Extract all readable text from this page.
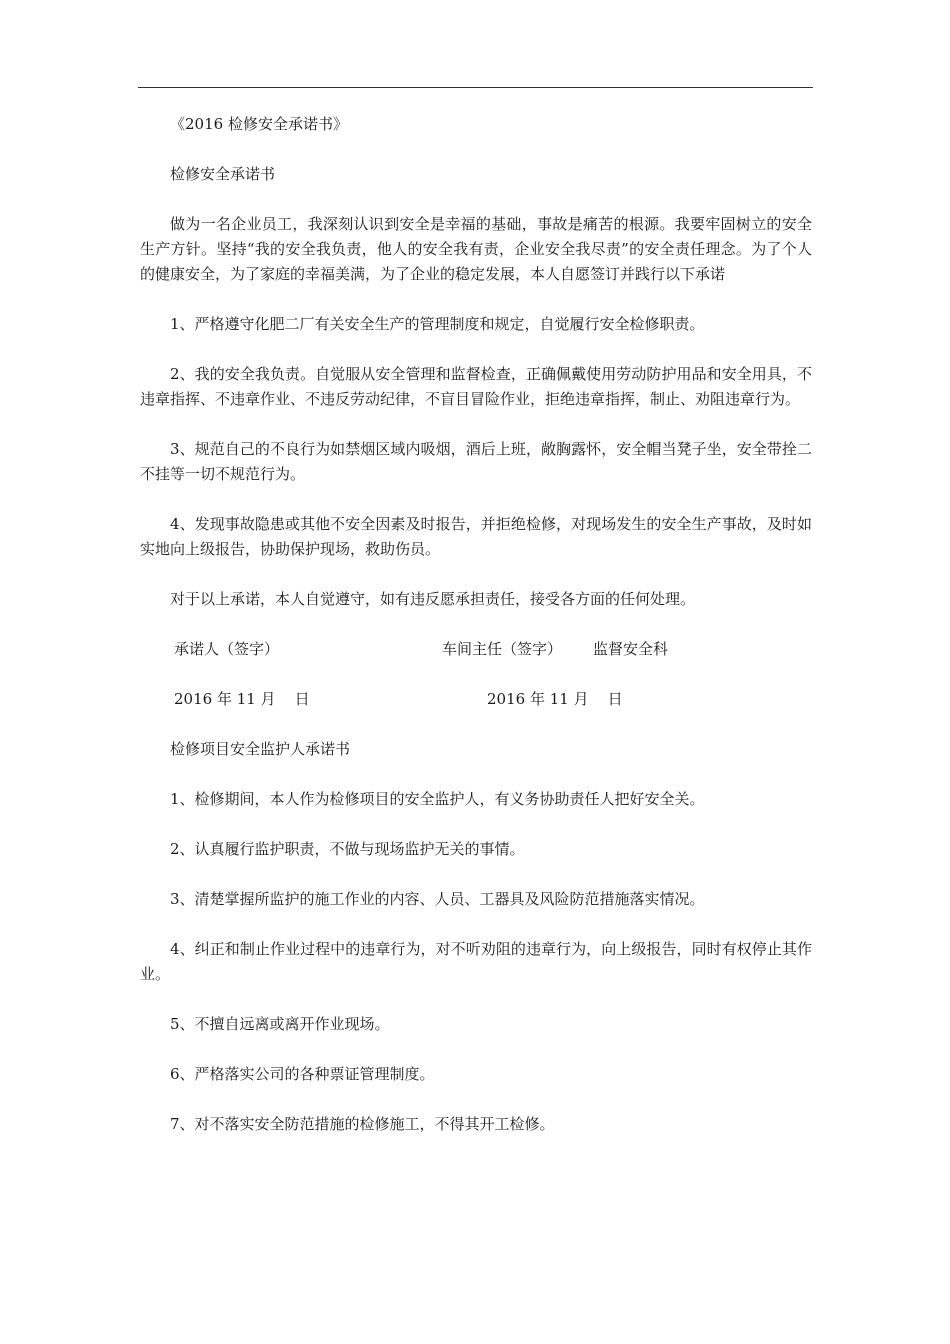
《2016 检修安全承诺书》

检修安全承诺书

做为一名企业员工，我深刻认识到安全是幸福的基础，事故是痛苦的根源。我要牢固树立的安全生产方针。坚持“我的安全我负责，他人的安全我有责，企业安全我尽责”的安全责任理念。为了个人的健康安全，为了家庭的幸福美满，为了企业的稳定发展，本人自愿签订并践行以下承诺

1、严格遵守化肥二厂有关安全生产的管理制度和规定，自觉履行安全检修职责。

2、我的安全我负责。自觉服从安全管理和监督检查，正确佩戴使用劳动防护用品和安全用具，不违章指挥、不违章作业、不违反劳动纪律，不盲目冒险作业，拒绝违章指挥，制止、劝阻违章行为。

3、规范自己的不良行为如禁烟区域内吸烟，酒后上班，敞胸露怀，安全帽当凳子坐，安全带拴二不挂等一切不规范行为。

4、发现事故隐患或其他不安全因素及时报告，并拒绝检修，对现场发生的安全生产事故，及时如实地向上级报告，协助保护现场，救助伤员。

对于以上承诺，本人自觉遵守，如有违反愿承担责任，接受各方面的任何处理。

承诺人（签字）	车间主任（签字） 监督安全科
2016 年 11 月    日	2016 年 11 月    日

检修项目安全监护人承诺书

1、检修期间，本人作为检修项目的安全监护人，有义务协助责任人把好安全关。

2、认真履行监护职责，不做与现场监护无关的事情。

3、清楚掌握所监护的施工作业的内容、人员、工器具及风险防范措施落实情况。

4、纠正和制止作业过程中的违章行为，对不听劝阻的违章行为，向上级报告，同时有权停止其作业。

5、不擅自远离或离开作业现场。

6、严格落实公司的各种票证管理制度。

7、对不落实安全防范措施的检修施工，不得其开工检修。
